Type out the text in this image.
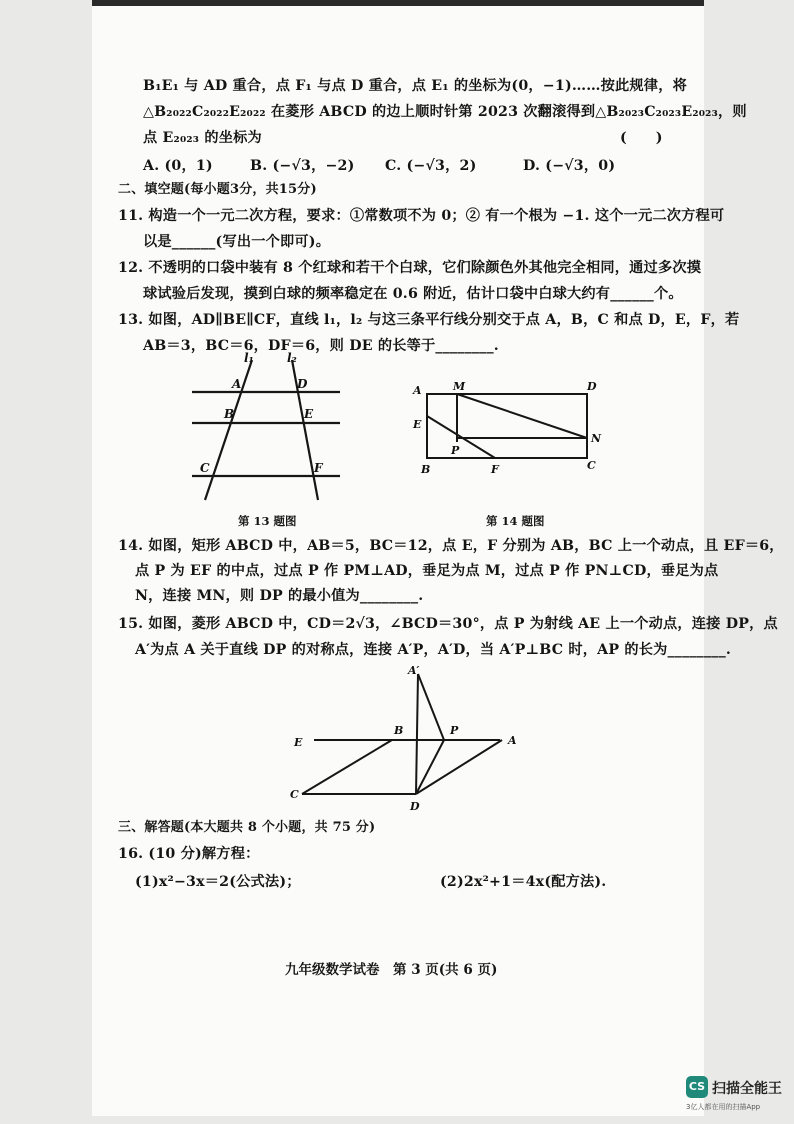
B₁E₁ 与 AD 重合，点 F₁ 与点 D 重合，点 E₁ 的坐标为(0，−1)……按此规律，将
△B₂₀₂₂C₂₀₂₂E₂₀₂₂ 在菱形 ABCD 的边上顺时针第 2023 次翻滚得到△B₂₀₂₃C₂₀₂₃E₂₀₂₃，则
点 E₂₀₂₃ 的坐标为	(　　)
A. (0，1)	B. (−√3，−2) C. (−√3，2)	D. (−√3，0)
二、填空题(每小题3分，共15分)
11. 构造一个一元二次方程，要求：①常数项不为 0；② 有一个根为 −1. 这个一元二次方程可
以是______(写出一个即可)。
12. 不透明的口袋中装有 8 个红球和若干个白球，它们除颜色外其他完全相同，通过多次摸
球试验后发现，摸到白球的频率稳定在 0.6 附近，估计口袋中白球大约有______个。
13. 如图，AD∥BE∥CF，直线 l₁，l₂ 与这三条平行线分别交于点 A，B，C 和点 D，E，F，若
AB＝3，BC＝6，DF＝6，则 DE 的长等于________.
l₁	l₂
A	D
B	E
C	F
第 13 题图
A	M	D
E
N
P
B	F	C
第 14 题图
14. 如图，矩形 ABCD 中，AB＝5，BC＝12，点 E，F 分别为 AB，BC 上一个动点，且 EF＝6，
点 P 为 EF 的中点，过点 P 作 PM⊥AD，垂足为点 M，过点 P 作 PN⊥CD，垂足为点
N，连接 MN，则 DP 的最小值为________.
15. 如图，菱形 ABCD 中，CD＝2√3，∠BCD＝30°，点 P 为射线 AE 上一个动点，连接 DP，点
A′为点 A 关于直线 DP 的对称点，连接 A′P，A′D，当 A′P⊥BC 时，AP 的长为________.
A′
E
B	P
A
C
D
三、解答题(本大题共 8 个小题，共 75 分)
16. (10 分)解方程：
(1)x²−3x＝2(公式法)；	(2)2x²+1＝4x(配方法).
九年级数学试卷　第 3 页(共 6 页)
CS 扫描全能王
3亿人都在用的扫描App
